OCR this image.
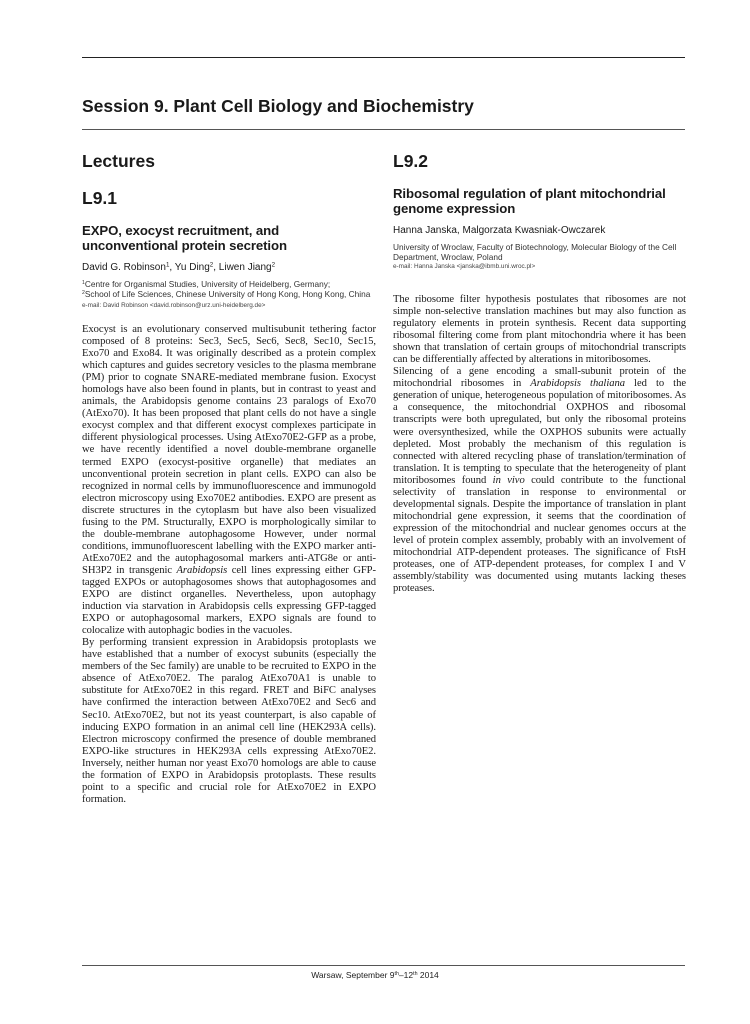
Session 9. Plant Cell Biology and Biochemistry
Lectures
L9.1
EXPO, exocyst recruitment, and unconventional protein secretion

David G. Robinson$^1$, Yu Ding$^2$, Liwen Jiang$^2$

$^1$Centre for Organismal Studies, University of Heidelberg, Germany;

$^2$School of Life Sciences, Chinese University of Hong Kong, Hong Kong, China

e-mail: David Robinson <david.robinson@urz.uni-heidelberg.de>

Exocyst is an evolutionary conserved multisubunit tethering factor composed of 8 proteins: Sec3, Sec5, Sec6, Sec8, Sec10, Sec15, Exo70 and Exo84. It was originally described as a protein complex which captures and guides secretory vesicles to the plasma membrane (PM) prior to cognate SNARE-mediated membrane fusion. Exocyst homologs have also been found in plants, but in contrast to yeast and animals, the Arabidopsis genome contains 23 paralogs of Exo70 (AtExo70). It has been proposed that plant cells do not have a single exocyst complex and that different exocyst complexes participate in different physiological processes. Using AtExo70E2-GFP as a probe, we have recently identified a novel double-membrane organelle termed EXPO (exocyst-positive organelle) that mediates an unconventional protein secretion in plant cells. EXPO can also be recognized in normal cells by immunofluorescence and immunogold electron microscopy using Exo70E2 antibodies. EXPO are present as discrete structures in the cytoplasm but have also been visualized fusing to the PM. Structurally, EXPO is morphologically similar to the double-membrane autophagosome However, under normal conditions, immunofluorescent labelling with the EXPO marker anti-AtExo70E2 and the autophagosomal markers anti-ATG8e or anti-SH3P2 in transgenic Arabidopsis cell lines expressing either GFP-tagged EXPOs or autophagosomes shows that autophagosomes and EXPO are distinct organelles. Nevertheless, upon autophagy induction via starvation in Arabidopsis cells expressing GFP-tagged EXPO or autophagosomal markers, EXPO signals are found to colocalize with autophagic bodies in the vacuoles.

By performing transient expression in Arabidopsis protoplasts we have established that a number of exocyst subunits (especially the members of the Sec family) are unable to be recruited to EXPO in the absence of AtExo70E2. The paralog AtExo70A1 is unable to substitute for AtExo70E2 in this regard. FRET and BiFC analyses have confirmed the interaction between AtExo70E2 and Sec6 and Sec10. AtExo70E2, but not its yeast counterpart, is also capable of inducing EXPO formation in an animal cell line (HEK293A cells). Electron microscopy confirmed the presence of double membraned EXPO-like structures in HEK293A cells expressing AtExo70E2. Inversely, neither human nor yeast Exo70 homologs are able to cause the formation of EXPO in Arabidopsis protoplasts. These results point to a specific and crucial role for AtExo70E2 in EXPO formation.

L9.2
Ribosomal regulation of plant mitochondrial genome expression

Hanna Janska, Malgorzata Kwasniak-Owczarek

University of Wroclaw, Faculty of Biotechnology, Molecular Biology of the Cell Department, Wroclaw, Poland

e-mail: Hanna Janska <janska@ibmb.uni.wroc.pl>

The ribosome filter hypothesis postulates that ribosomes are not simple non-selective translation machines but may also function as regulatory elements in protein synthesis. Recent data supporting ribosomal filtering come from plant mitochondria where it has been shown that translation of certain groups of mitochondrial transcripts can be differentially affected by alterations in mitoribosomes.

Silencing of a gene encoding a small-subunit protein of the mitochondrial ribosomes in Arabidopsis thaliana led to the generation of unique, heterogeneous population of mitoribosomes. As a consequence, the mitochondrial OXPHOS and ribosomal transcripts were both upregulated, but only the ribosomal proteins were oversynthesized, while the OXPHOS subunits were actually depleted. Most probably the mechanism of this regulation is connected with altered recycling phase of translation/termination of translation. It is tempting to speculate that the heterogeneity of plant mitoribosomes found in vivo could contribute to the functional selectivity of translation in response to environmental or developmental signals. Despite the importance of translation in plant mitochondrial gene expression, it seems that the coordination of expression of the mitochondrial and nuclear genomes occurs at the level of protein complex assembly, probably with an involvement of mitochondrial ATP-dependent proteases. The significance of FtsH proteases, one of ATP-dependent proteases, for complex I and V assembly/stability was documented using mutants lacking theses proteases.

Warsaw, September 9th–12th 2014
